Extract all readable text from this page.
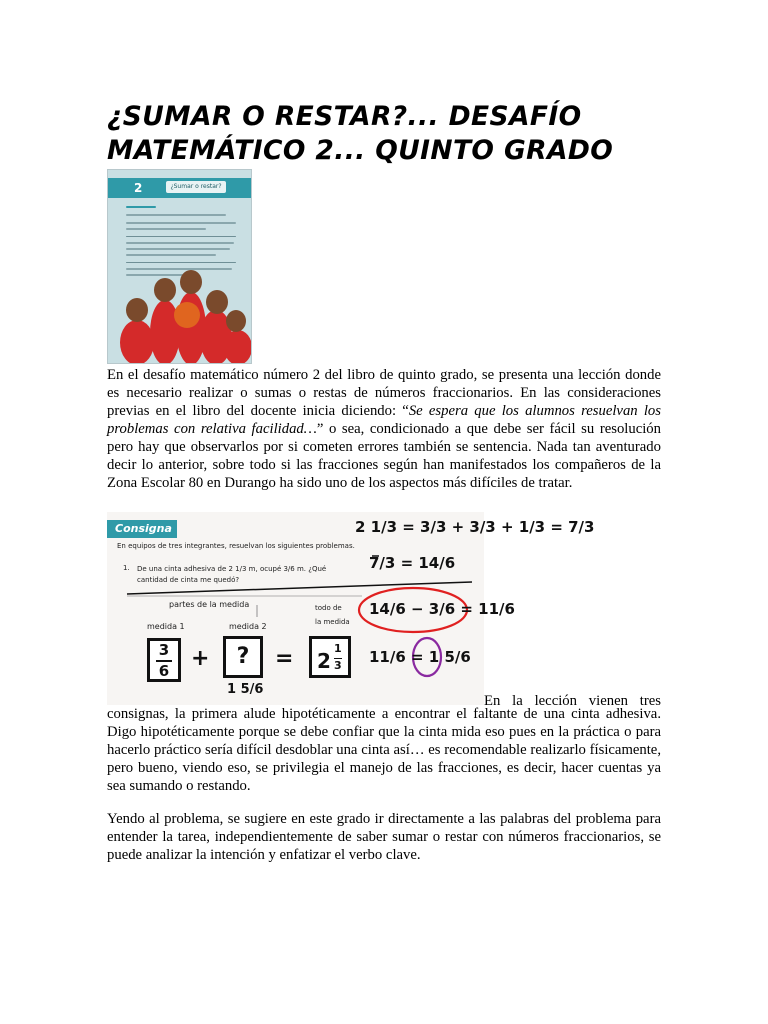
¿SUMAR O RESTAR?... DESAFÍO MATEMÁTICO 2... QUINTO GRADO
2	¿Sumar o restar?

En el desafío matemático número 2 del libro de quinto grado, se presenta una lección donde es necesario realizar o sumas o restas de números fraccionarios. En las consideraciones previas en el libro del docente inicia diciendo: “Se espera que los alumnos resuelvan los problemas con relativa facilidad…” o sea, condicionado a que debe ser fácil su resolución pero hay que observarlos por si cometen errores también se sentencia. Nada tan aventurado decir lo anterior, sobre todo si las fracciones según han manifestados los compañeros de la Zona Escolar 80 en Durango ha sido uno de los aspectos más difíciles de tratar.

Consigna
En equipos de tres integrantes, resuelvan los siguientes problemas.
1. De una cinta adhesiva de 2 1/3 m, ocupé 3/6 m. ¿Qué cantidad de cinta me quedó?
partes de la medida	todo de
la medida
medida 1	medida 2
2 1/3 = 3/3 + 3/3 + 1/3 = 7/3
7/3 = 14/6
14/6 − 3/6 = 11/6
11/6 = 1 5/6
$\frac{3}{6}$ +	?	= 2
1
3
1 5/6
En la lección vienen tres

consignas, la primera alude hipotéticamente a encontrar el faltante de una cinta adhesiva. Digo hipotéticamente porque se debe confiar que la cinta mida eso pues en la práctica o para hacerlo práctico sería difícil desdoblar una cinta así… es recomendable realizarlo físicamente, pero bueno, viendo eso, se privilegia el manejo de las fracciones, es decir, hacer cuentas ya sea sumando o restando.

Yendo al problema, se sugiere en este grado ir directamente a las palabras del problema para entender la tarea, independientemente de saber sumar o restar con números fraccionarios, se puede analizar la intención y enfatizar el verbo clave.
